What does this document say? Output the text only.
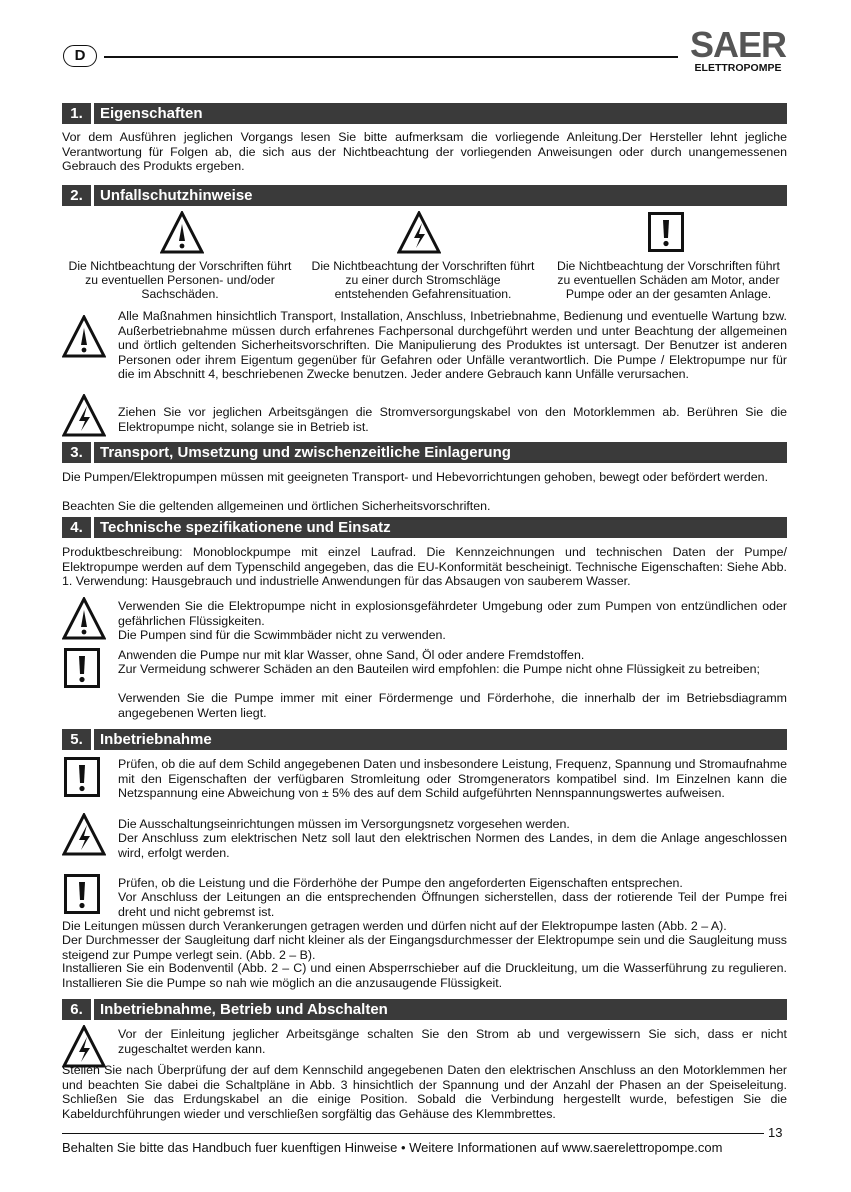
D	SAER
ELETTROPOMPE
1.	Eigenschaften
Vor dem Ausführen jeglichen Vorgangs lesen Sie bitte aufmerksam die vorliegende Anleitung.Der Hersteller lehnt jegliche Verantwortung für Folgen ab, die sich aus der Nichtbeachtung der vorliegenden Anweisungen oder durch unangemessenen Gebrauch des Produkts ergeben.
2.	Unfallschutzhinweise
Die Nichtbeachtung der Vorschriften führt zu eventuellen Personen- und/oder Sachschäden.
Die Nichtbeachtung der Vorschriften führt zu einer durch Stromschläge entstehenden Gefahrensituation.
Die Nichtbeachtung der Vorschriften führt zu eventuellen Schäden am Motor, ander Pumpe oder an der gesamten Anlage.
Alle Maßnahmen hinsichtlich Transport, Installation, Anschluss, Inbetriebnahme, Bedienung und eventuelle Wartung bzw. Außerbetriebnahme müssen durch erfahrenes Fachpersonal durchgeführt werden und unter Beachtung der allgemeinen und örtlich geltenden Sicherheitsvorschriften. Die Manipulierung des Produktes ist untersagt. Der Benutzer ist anderen Personen oder ihrem Eigentum gegenüber für Gefahren oder Unfälle verantwortlich. Die Pumpe / Elektropumpe nur für die im Abschnitt 4, beschriebenen Zwecke benutzen. Jeder andere Gebrauch kann Unfälle verursachen.
Ziehen Sie vor jeglichen Arbeitsgängen die Stromversorgungskabel von den Motorklemmen ab. Berühren Sie die Elektropumpe nicht, solange sie in Betrieb ist.
3.	Transport, Umsetzung und zwischenzeitliche Einlagerung
Die Pumpen/Elektropumpen müssen mit geeigneten Transport- und Hebevorrichtungen gehoben, bewegt oder befördert werden.
Beachten Sie die geltenden allgemeinen und örtlichen Sicherheitsvorschriften.
4.	Technische spezifikationene und Einsatz
Produktbeschreibung: Monoblockpumpe mit einzel Laufrad. Die Kennzeichnungen und technischen Daten der Pumpe/ Elektropumpe werden auf dem Typenschild angegeben, das die EU-Konformität bescheinigt. Technische Eigenschaften: Siehe Abb. 1. Verwendung: Hausgebrauch und industrielle Anwendungen für das Absaugen von sauberem Wasser.
Verwenden Sie die Elektropumpe nicht in explosionsgefährdeter Umgebung oder zum Pumpen von entzündlichen oder gefährlichen Flüssigkeiten.
Die Pumpen sind für die Scwimmbäder nicht zu verwenden.
Anwenden die Pumpe nur mit klar Wasser, ohne Sand, Öl oder andere Fremdstoffen.
Zur Vermeidung schwerer Schäden an den Bauteilen wird empfohlen: die Pumpe nicht ohne Flüssigkeit zu betreiben;
Verwenden Sie die Pumpe immer mit einer Fördermenge und Förderhohe, die innerhalb der im Betriebsdiagramm angegebenen Werten liegt.
5.	Inbetriebnahme
Prüfen, ob die auf dem Schild angegebenen Daten und insbesondere Leistung, Frequenz, Spannung und Stromaufnahme mit den Eigenschaften der verfügbaren Stromleitung oder Stromgenerators kompatibel sind. Im Einzelnen kann die Netzspannung eine Abweichung von ± 5% des auf dem Schild aufgeführten Nennspannungswertes aufweisen.
Die Ausschaltungseinrichtungen müssen im Versorgungsnetz vorgesehen werden.
Der Anschluss zum elektrischen Netz soll laut den elektrischen Normen des Landes, in dem die Anlage angeschlossen wird, erfolgt werden.
Prüfen, ob die Leistung und die Förderhöhe der Pumpe den angeforderten Eigenschaften entsprechen.
Vor Anschluss der Leitungen an die entsprechenden Öffnungen sicherstellen, dass der rotierende Teil der Pumpe frei dreht und nicht gebremst ist.
Die Leitungen müssen durch Verankerungen getragen werden und dürfen nicht auf der Elektropumpe lasten (Abb. 2 – A).
Der Durchmesser der Saugleitung darf nicht kleiner als der Eingangsdurchmesser der Elektropumpe sein und die Saugleitung muss steigend zur Pumpe verlegt sein. (Abb. 2 – B).
Installieren Sie ein Bodenventil (Abb. 2 – C) und einen Absperrschieber auf die Druckleitung, um die Wasserführung zu regulieren. Installieren Sie die Pumpe so nah wie möglich an die anzusaugende Flüssigkeit.
6.	Inbetriebnahme, Betrieb und Abschalten
Vor der Einleitung jeglicher Arbeitsgänge schalten Sie den Strom ab und vergewissern Sie sich, dass er nicht zugeschaltet werden kann.
Stellen Sie nach Überprüfung der auf dem Kennschild angegebenen Daten den elektrischen Anschluss an den Motorklemmen her und beachten Sie dabei die Schaltpläne in Abb. 3 hinsichtlich der Spannung und der Anzahl der Phasen an der Speiseleitung. Schließen Sie das Erdungskabel an die einige Position. Sobald die Verbindung hergestellt wurde, befestigen Sie die Kabeldurchführungen wieder und verschließen sorgfältig das Gehäuse des Klemmbrettes.
13
Behalten Sie bitte das Handbuch fuer kuenftigen Hinweise • Weitere Informationen auf www.saerelettropompe.com
